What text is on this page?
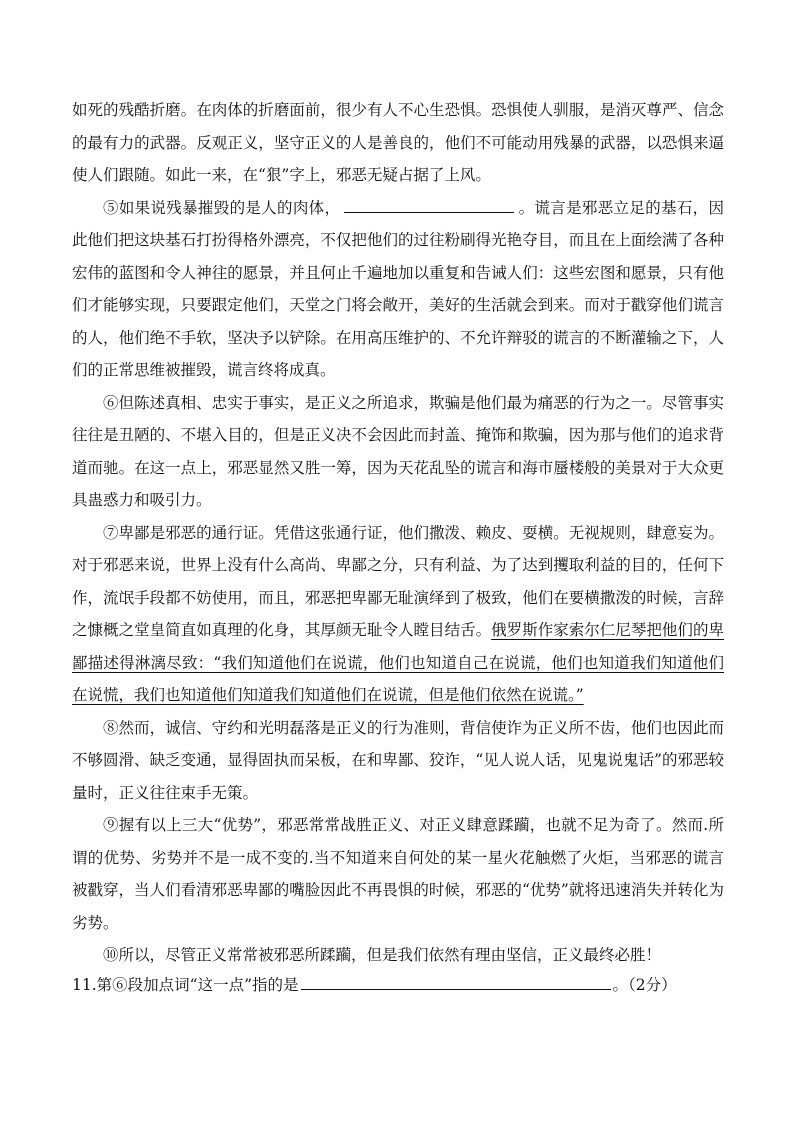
如死的残酷折磨。在肉体的折磨面前，很少有人不心生恐惧。恐惧使人驯服，是消灭尊严、信念的最有力的武器。反观正义，坚守正义的人是善良的，他们不可能动用残暴的武器，以恐惧来逼使人们跟随。如此一来，在“狠”字上，邪恶无疑占据了上风。

⑤如果说残暴摧毁的是人的肉体，	。谎言是邪恶立足的基石，因此他们把这块基石打扮得格外漂亮，不仅把他们的过往粉刷得光艳夺目，而且在上面绘满了各种宏伟的蓝图和令人神往的愿景，并且何止千遍地加以重复和告诫人们：这些宏图和愿景，只有他们才能够实现，只要跟定他们，天堂之门将会敞开，美好的生活就会到来。而对于戳穿他们谎言的人，他们绝不手软，坚决予以铲除。在用高压维护的、不允许辩驳的谎言的不断灌输之下，人们的正常思维被摧毁，谎言终将成真。

⑥但陈述真相、忠实于事实，是正义之所追求，欺骗是他们最为痛恶的行为之一。尽管事实往往是丑陋的、不堪入目的，但是正义决不会因此而封盖、掩饰和欺骗，因为那与他们的追求背道而驰。在这一点上，邪恶显然又胜一筹，因为天花乱坠的谎言和海市蜃楼般的美景对于大众更具蛊惑力和吸引力。

⑦卑鄙是邪恶的通行证。凭借这张通行证，他们撒泼、赖皮、耍横。无视规则，肆意妄为。对于邪恶来说，世界上没有什么高尚、卑鄙之分，只有利益、为了达到攫取利益的目的，任何下作，流氓手段都不妨使用，而且，邪恶把卑鄙无耻演绎到了极致，他们在要横撒泼的时候，言辞之慷概之堂皇简直如真理的化身，其厚颜无耻令人瞠目结舌。俄罗斯作家索尔仁尼琴把他们的卑鄙描述得淋漓尽致：“我们知道他们在说谎，他们也知道自己在说谎，他们也知道我们知道他们在说慌，我们也知道他们知道我们知道他们在说谎，但是他们依然在说谎。”

⑧然而，诚信、守约和光明磊落是正义的行为准则，背信使诈为正义所不齿，他们也因此而不够圆滑、缺乏变通，显得固执而呆板，在和卑鄙、狡诈，“见人说人话，见鬼说鬼话”的邪恶较量时，正义往往束手无策。

⑨握有以上三大“优势”，邪恶常常战胜正义、对正义肆意蹂躏，也就不足为奇了。然而.所谓的优势、劣势并不是一成不变的.当不知道来自何处的某一星火花触燃了火炬，当邪恶的谎言被戳穿，当人们看清邪恶卑鄙的嘴脸因此不再畏惧的时候，邪恶的“优势”就将迅速消失并转化为劣势。

⑩所以，尽管正义常常被邪恶所蹂躏，但是我们依然有理由坚信，正义最终必胜！

11.第⑥段加点词“这一点”指的是	。（2分）
